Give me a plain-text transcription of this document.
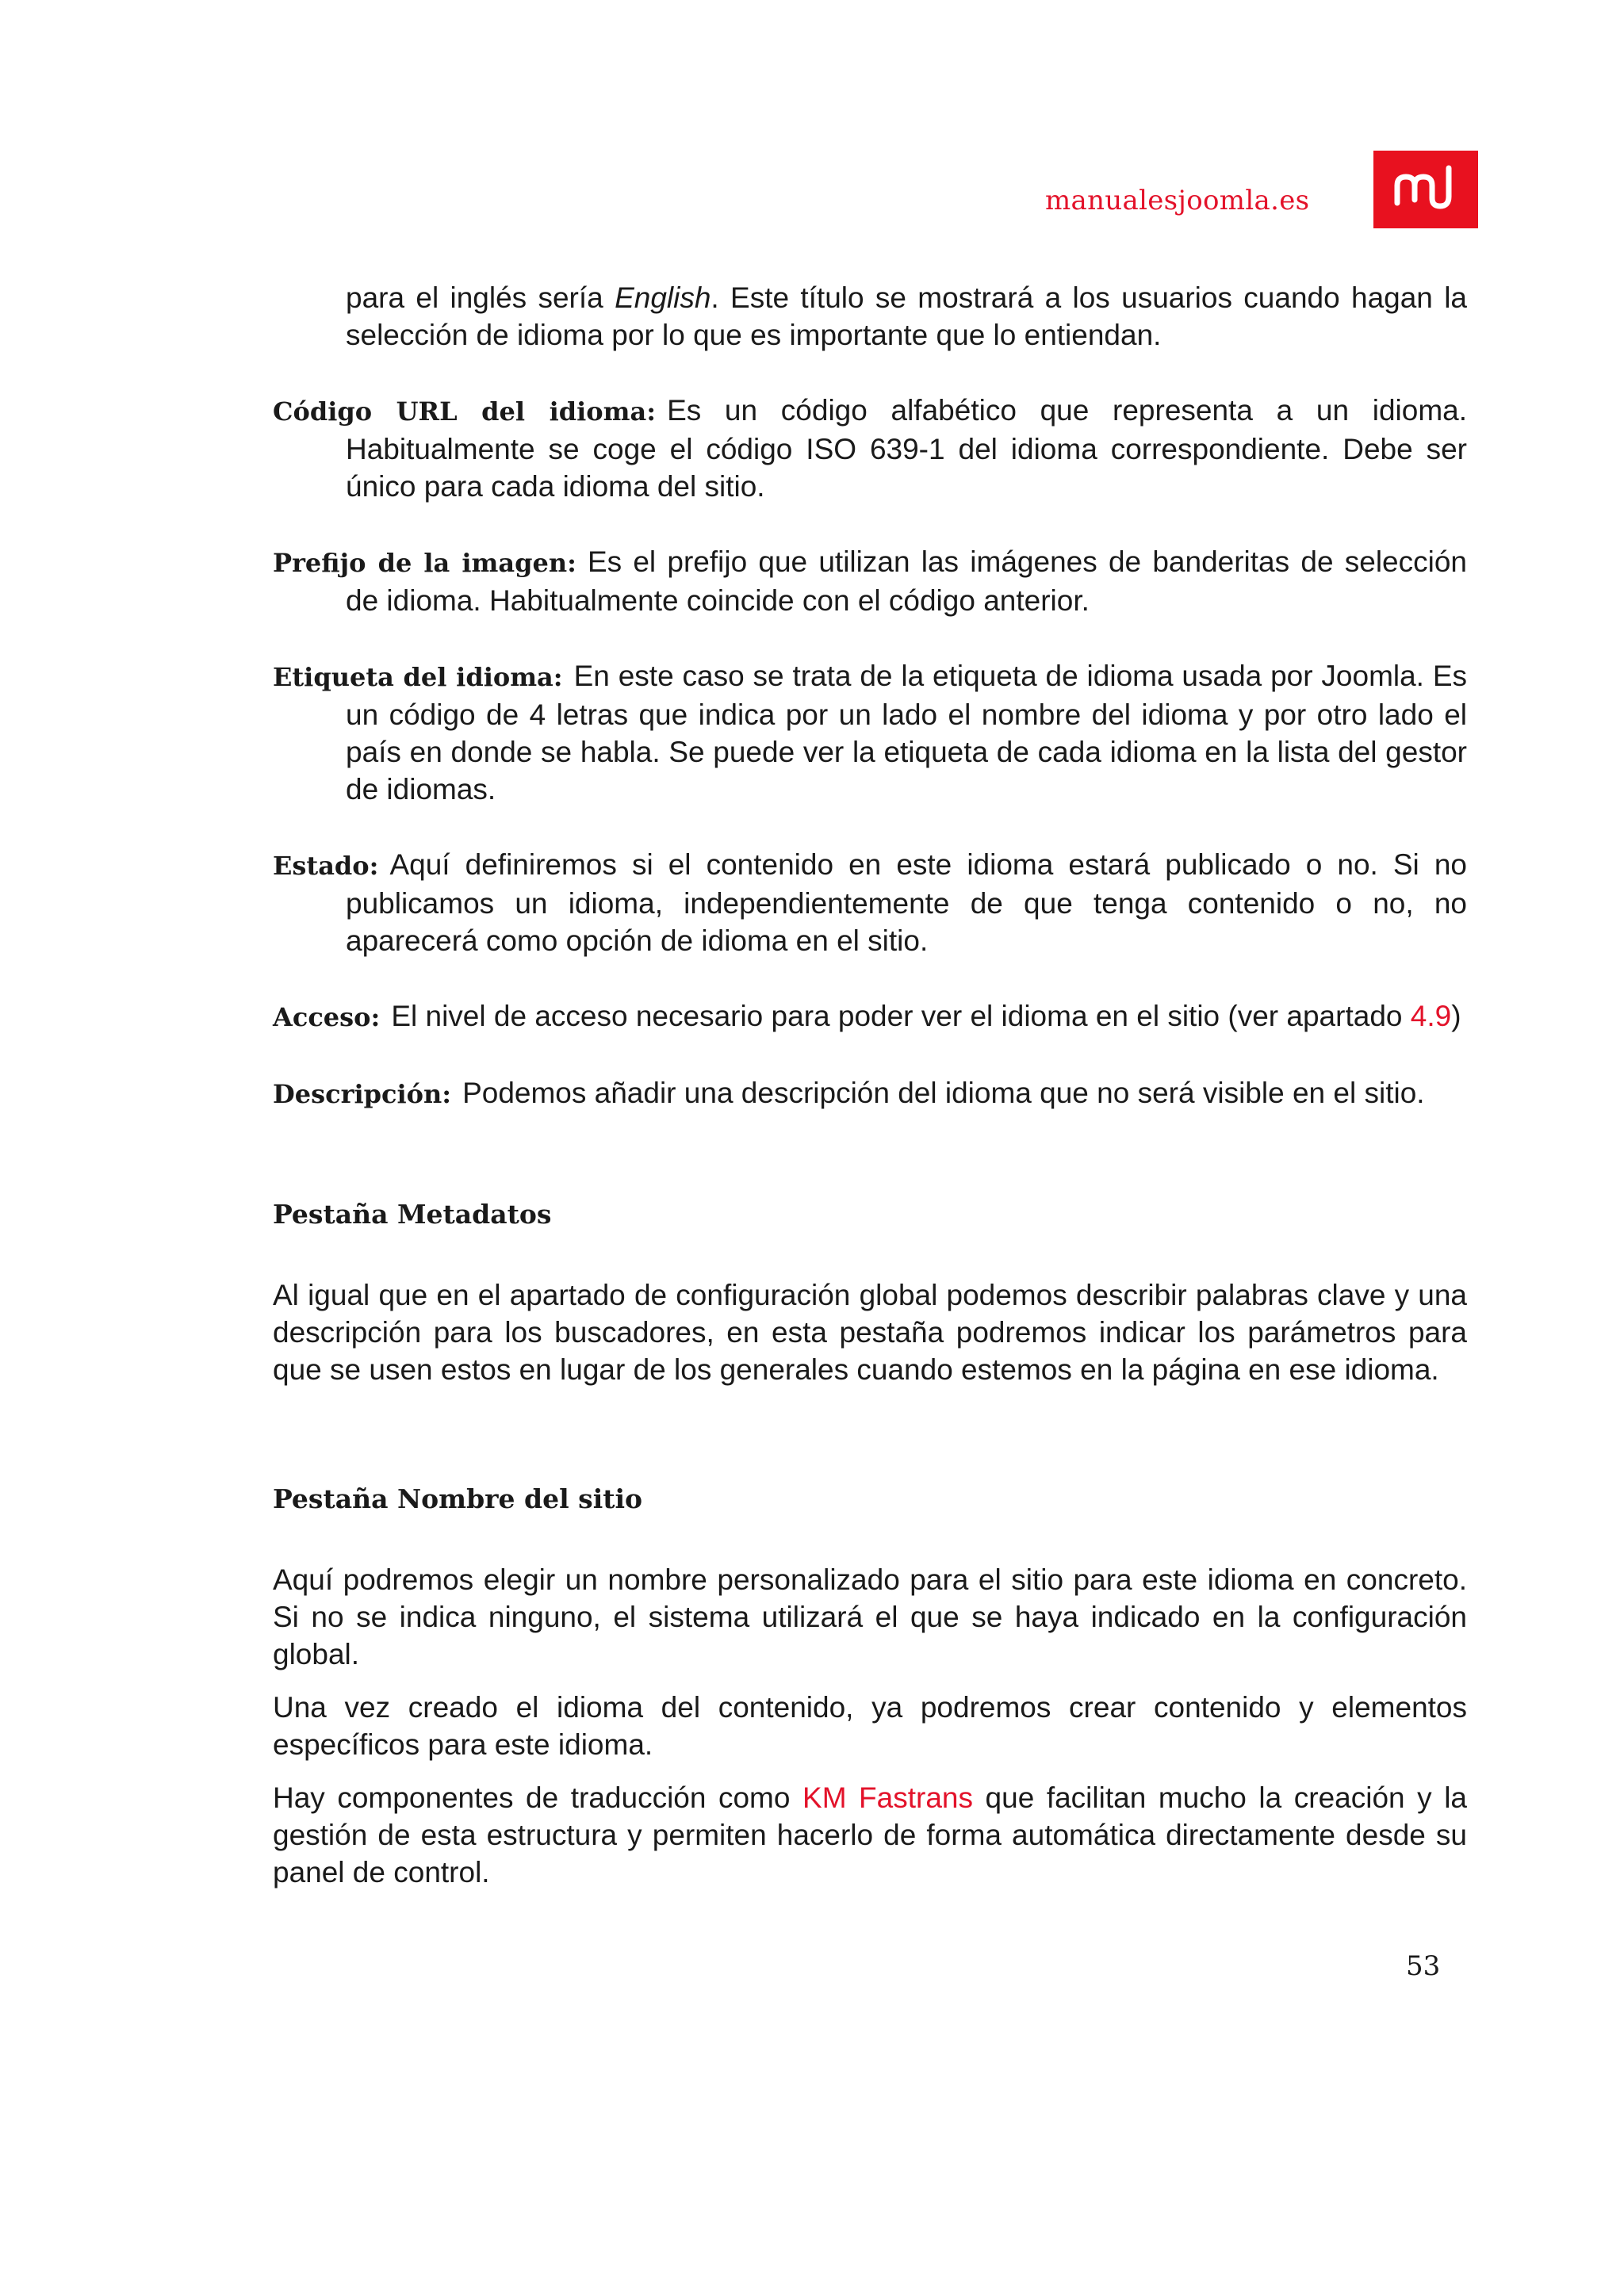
manualesjoomla.es

para el inglés sería English. Este título se mostrará a los usuarios cuando hagan la selección de idioma por lo que es importante que lo entiendan.

Código URL del idioma: Es un código alfabético que representa a un idioma. Habitualmente se coge el código ISO 639-1 del idioma correspondiente. Debe ser único para cada idioma del sitio.

Prefijo de la imagen: Es el prefijo que utilizan las imágenes de banderitas de selección de idioma. Habitualmente coincide con el código anterior.

Etiqueta del idioma: En este caso se trata de la etiqueta de idioma usada por Joomla. Es un código de 4 letras que indica por un lado el nombre del idioma y por otro lado el país en donde se habla. Se puede ver la etiqueta de cada idioma en la lista del gestor de idiomas.

Estado: Aquí definiremos si el contenido en este idioma estará publicado o no. Si no publicamos un idioma, independientemente de que tenga contenido o no, no aparecerá como opción de idioma en el sitio.

Acceso: El nivel de acceso necesario para poder ver el idioma en el sitio (ver apartado 4.9)

Descripción: Podemos añadir una descripción del idioma que no será visible en el sitio.

Pestaña Metadatos

Al igual que en el apartado de configuración global podemos describir palabras clave y una descripción para los buscadores, en esta pestaña podremos indicar los parámetros para que se usen estos en lugar de los generales cuando estemos en la página en ese idioma.

Pestaña Nombre del sitio

Aquí podremos elegir un nombre personalizado para el sitio para este idioma en concreto. Si no se indica ninguno, el sistema utilizará el que se haya indicado en la configuración global.

Una vez creado el idioma del contenido, ya podremos crear contenido y elementos específicos para este idioma.

Hay componentes de traducción como KM Fastrans que facilitan mucho la creación y la gestión de esta estructura y permiten hacerlo de forma automática directamente desde su panel de control.

53
